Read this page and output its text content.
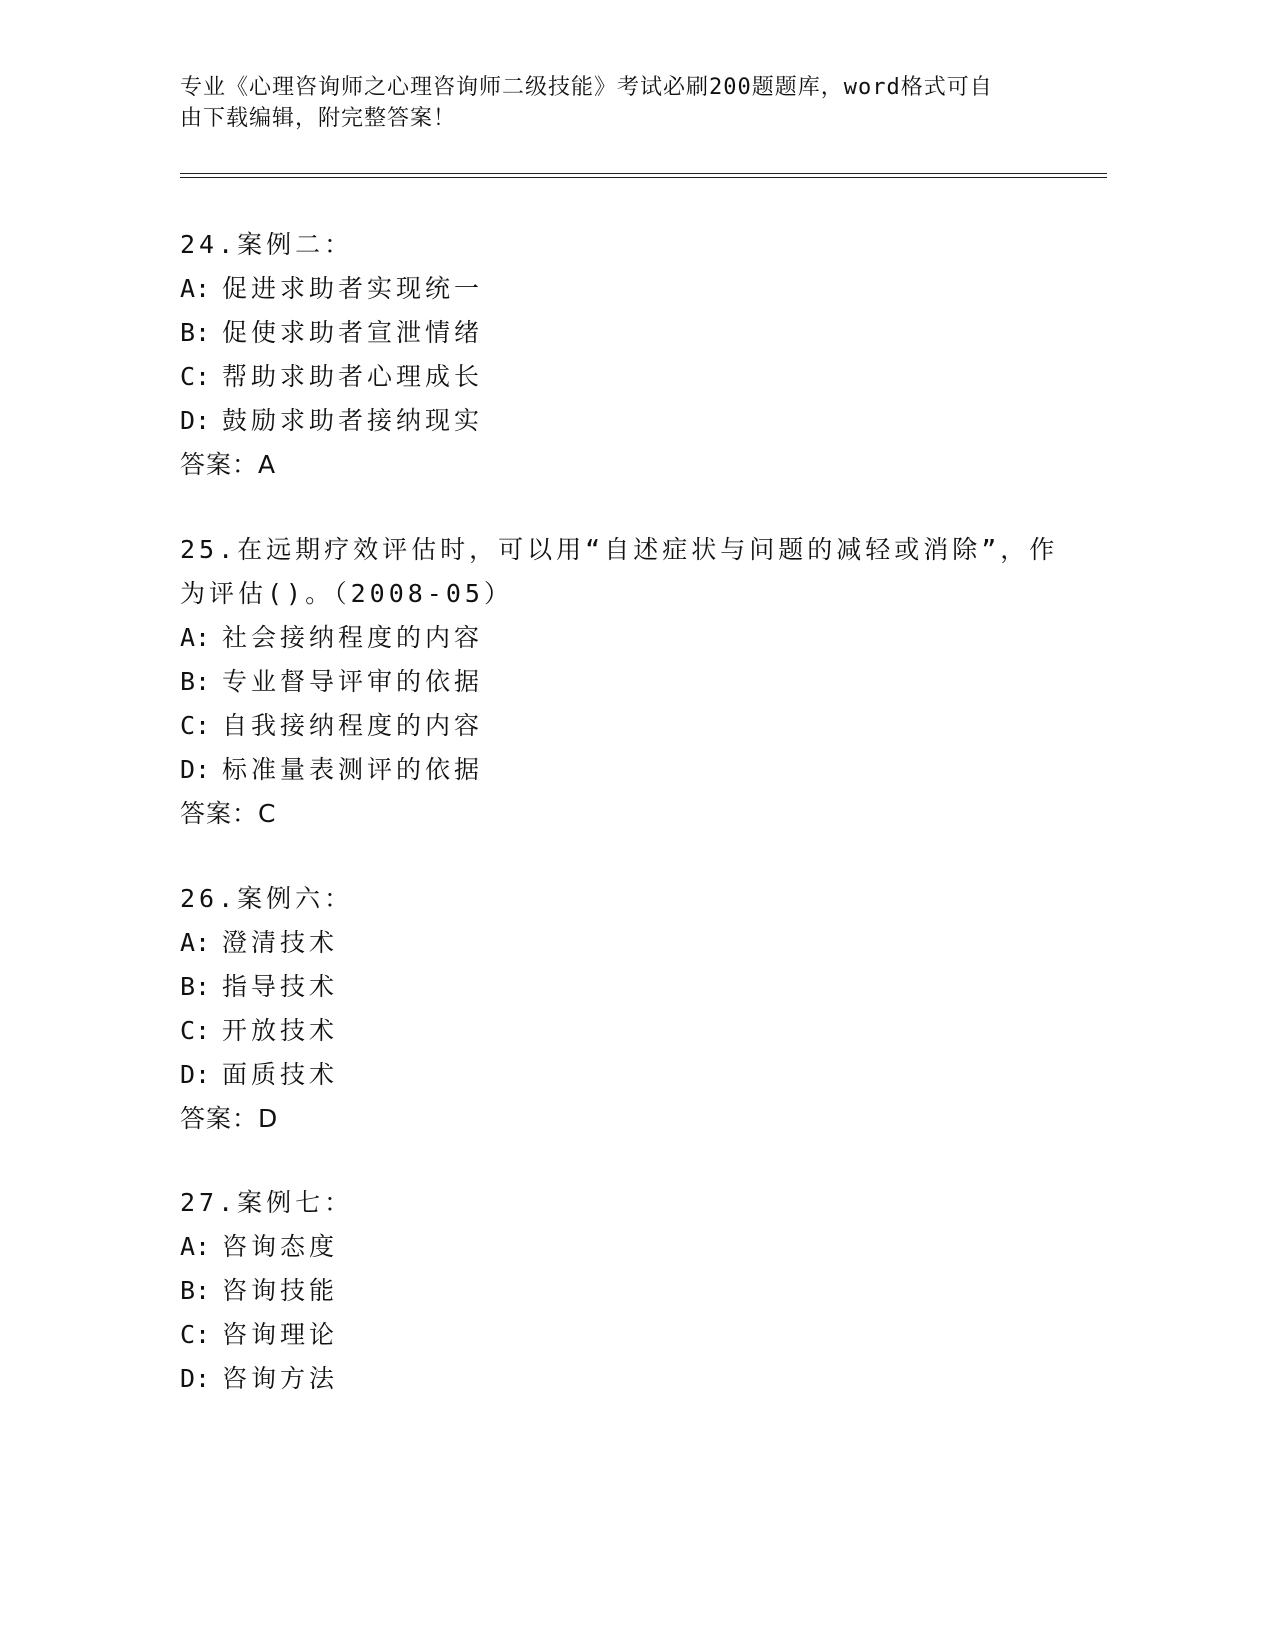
专业《心理咨询师之心理咨询师二级技能》考试必刷200题题库，word格式可自
由下载编辑，附完整答案！
24.案例二：
A: 促进求助者实现统一
B: 促使求助者宣泄情绪
C: 帮助求助者心理成长
D: 鼓励求助者接纳现实
答案：A
25.在远期疗效评估时，可以用“自述症状与问题的减轻或消除”，作
为评估()。（2008-05）
A: 社会接纳程度的内容
B: 专业督导评审的依据
C: 自我接纳程度的内容
D: 标准量表测评的依据
答案：C
26.案例六：
A: 澄清技术
B: 指导技术
C: 开放技术
D: 面质技术
答案：D
27.案例七：
A: 咨询态度
B: 咨询技能
C: 咨询理论
D: 咨询方法
